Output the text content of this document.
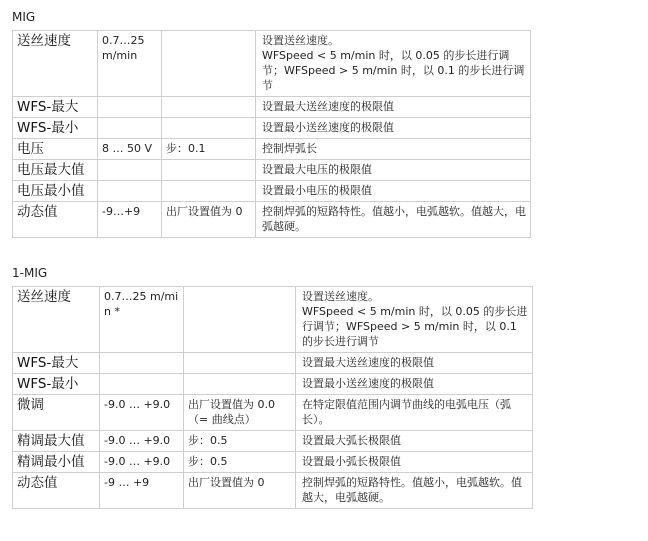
MIG
送丝速度	0.7…25 m/min		设置送丝速度。
WFSpeed < 5 m/min 时，以 0.05 的步长进行调节；WFSpeed > 5 m/min 时，以 0.1 的步长进行调节
WFS-最大			设置最大送丝速度的极限值
WFS-最小			设置最小送丝速度的极限值
电压	8 … 50 V	步：0.1	控制焊弧长
电压最大值			设置最大电压的极限值
电压最小值			设置最小电压的极限值
动态值	-9…+9	出厂设置值为 0	控制焊弧的短路特性。值越小，电弧越软。值越大，电弧越硬。
1-MIG
送丝速度	0.7…25 m/min *		设置送丝速度。
WFSpeed < 5 m/min 时，以 0.05 的步长进行调节；WFSpeed > 5 m/min 时，以 0.1 的步长进行调节
WFS-最大			设置最大送丝速度的极限值
WFS-最小			设置最小送丝速度的极限值
微调	-9.0 … +9.0	出厂设置值为 0.0（= 曲线点）	在特定限值范围内调节曲线的电弧电压（弧长）。
精调最大值	-9.0 … +9.0	步：0.5	设置最大弧长极限值
精调最小值	-9.0 … +9.0	步：0.5	设置最小弧长极限值
动态值	-9 … +9	出厂设置值为 0	控制焊弧的短路特性。值越小，电弧越软。值越大，电弧越硬。
